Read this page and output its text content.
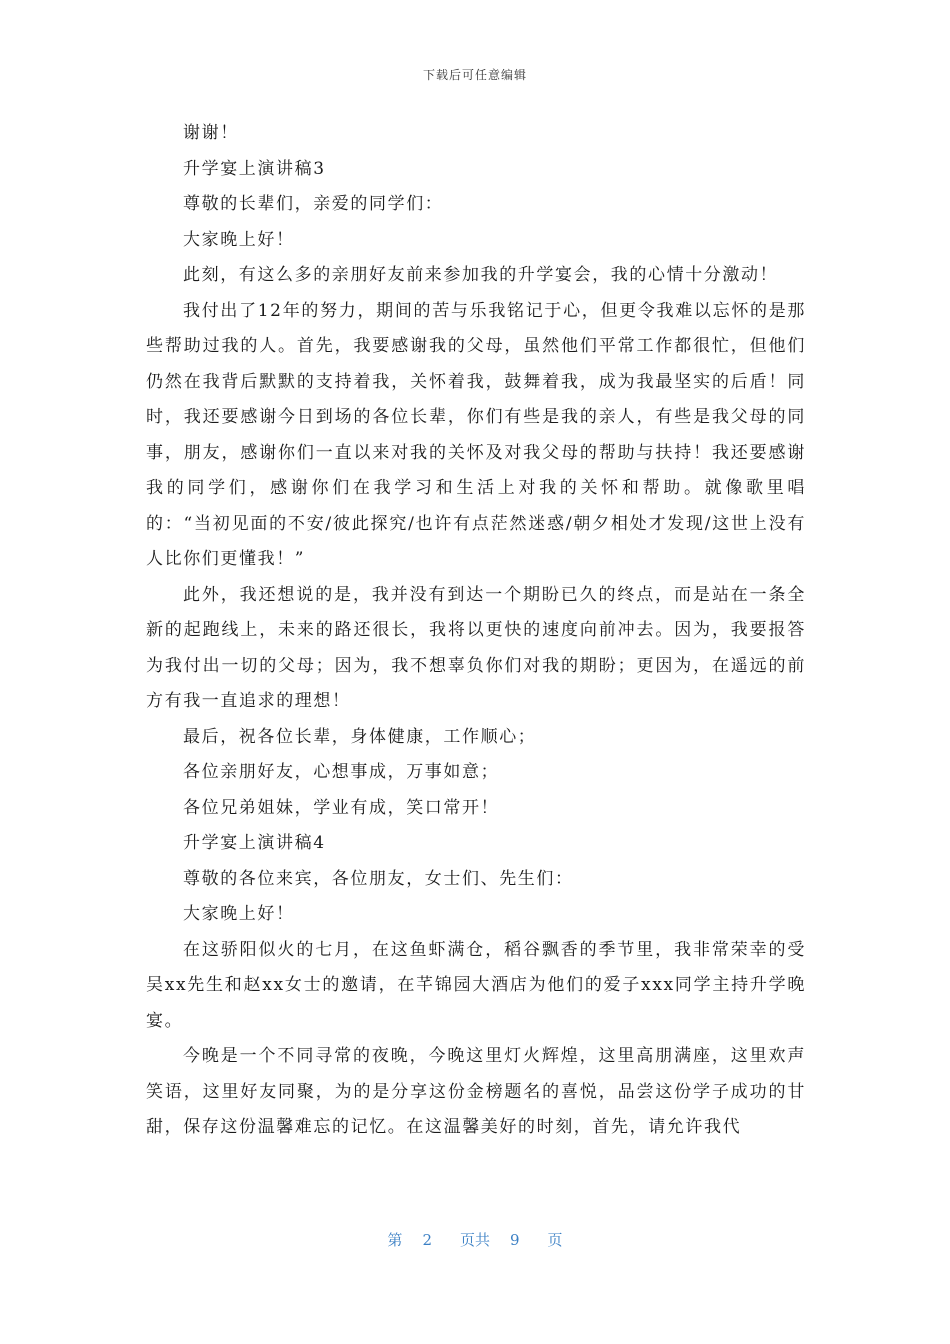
下载后可任意编辑

谢谢！

升学宴上演讲稿3

尊敬的长辈们，亲爱的同学们：

大家晚上好！

此刻，有这么多的亲朋好友前来参加我的升学宴会，我的心情十分激动！

我付出了12年的努力，期间的苦与乐我铭记于心，但更令我难以忘怀的是那些帮助过我的人。首先，我要感谢我的父母，虽然他们平常工作都很忙，但他们仍然在我背后默默的支持着我，关怀着我，鼓舞着我，成为我最坚实的后盾！同时，我还要感谢今日到场的各位长辈，你们有些是我的亲人，有些是我父母的同事，朋友，感谢你们一直以来对我的关怀及对我父母的帮助与扶持！我还要感谢我的同学们，感谢你们在我学习和生活上对我的关怀和帮助。就像歌里唱的：“当初见面的不安/彼此探究/也许有点茫然迷惑/朝夕相处才发现/这世上没有人比你们更懂我！”

此外，我还想说的是，我并没有到达一个期盼已久的终点，而是站在一条全新的起跑线上，未来的路还很长，我将以更快的速度向前冲去。因为，我要报答为我付出一切的父母；因为，我不想辜负你们对我的期盼；更因为，在遥远的前方有我一直追求的理想！

最后，祝各位长辈，身体健康，工作顺心；

各位亲朋好友，心想事成，万事如意；

各位兄弟姐妹，学业有成，笑口常开！

升学宴上演讲稿4

尊敬的各位来宾，各位朋友，女士们、先生们：

大家晚上好！

在这骄阳似火的七月，在这鱼虾满仓，稻谷飘香的季节里，我非常荣幸的受吴xx先生和赵xx女士的邀请，在芊锦园大酒店为他们的爱子xxx同学主持升学晚宴。

今晚是一个不同寻常的夜晚，今晚这里灯火辉煌，这里高朋满座，这里欢声笑语，这里好友同聚，为的是分享这份金榜题名的喜悦，品尝这份学子成功的甘甜，保存这份温馨难忘的记忆。在这温馨美好的时刻，首先，请允许我代

第 2 页共 9 页
